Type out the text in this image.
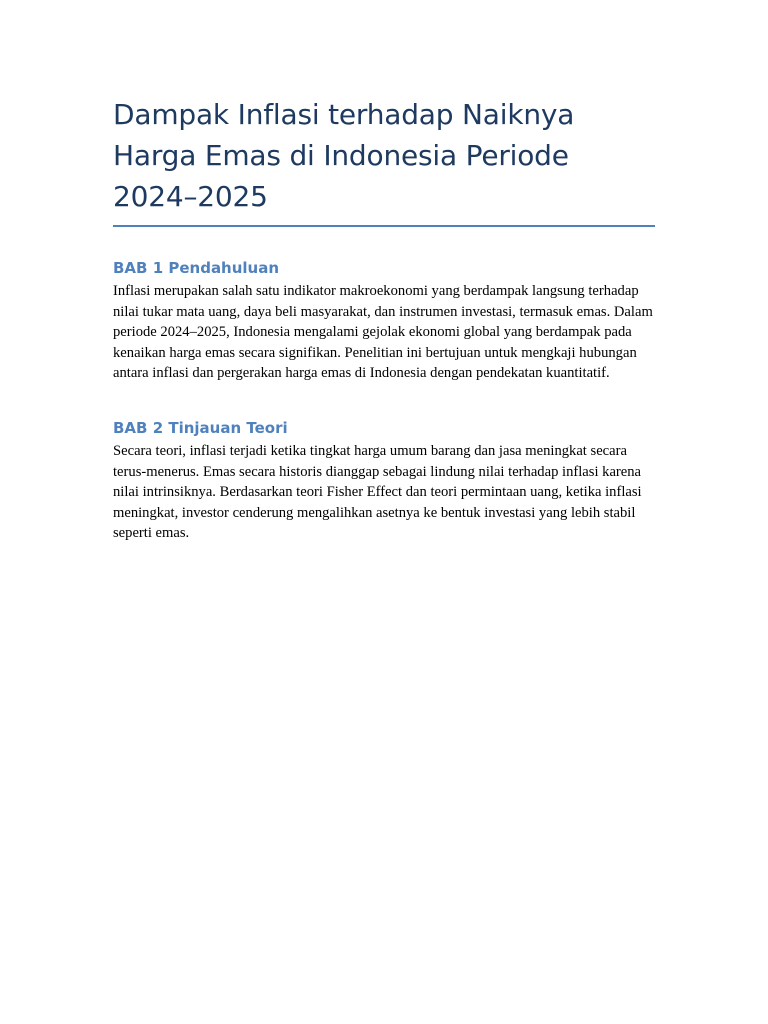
Dampak Inflasi terhadap Naiknya Harga Emas di Indonesia Periode 2024–2025
BAB 1 Pendahuluan

Inflasi merupakan salah satu indikator makroekonomi yang berdampak langsung terhadap nilai tukar mata uang, daya beli masyarakat, dan instrumen investasi, termasuk emas. Dalam periode 2024–2025, Indonesia mengalami gejolak ekonomi global yang berdampak pada kenaikan harga emas secara signifikan. Penelitian ini bertujuan untuk mengkaji hubungan antara inflasi dan pergerakan harga emas di Indonesia dengan pendekatan kuantitatif.

BAB 2 Tinjauan Teori

Secara teori, inflasi terjadi ketika tingkat harga umum barang dan jasa meningkat secara terus-menerus. Emas secara historis dianggap sebagai lindung nilai terhadap inflasi karena nilai intrinsiknya. Berdasarkan teori Fisher Effect dan teori permintaan uang, ketika inflasi meningkat, investor cenderung mengalihkan asetnya ke bentuk investasi yang lebih stabil seperti emas.
